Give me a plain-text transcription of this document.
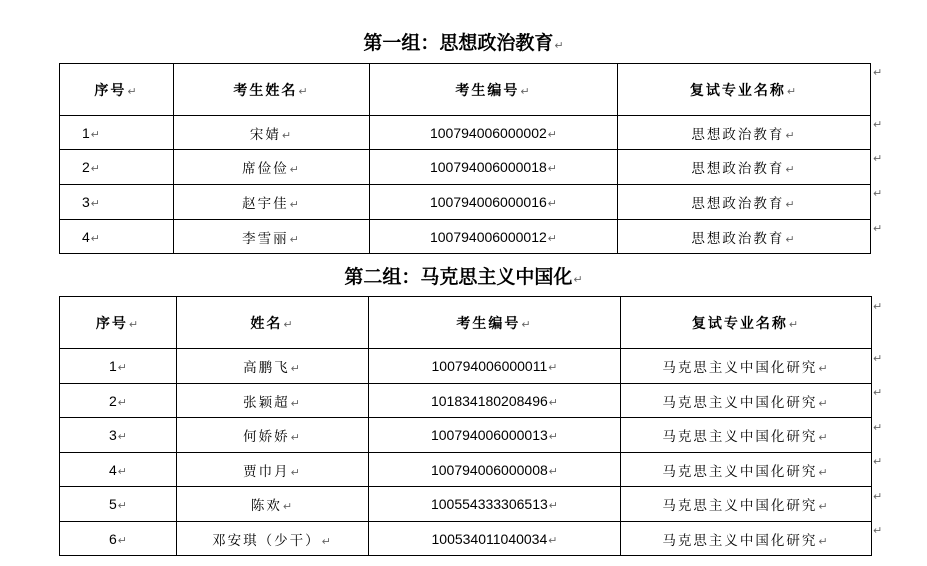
第一组：思想政治教育↵
序号↵	考生姓名↵	考生编号↵	复试专业名称↵
1↵	宋婧↵	100794006000002↵	思想政治教育↵
2↵	席俭俭↵	100794006000018↵	思想政治教育↵
3↵	赵宇佳↵	100794006000016↵	思想政治教育↵
4↵	李雪丽↵	100794006000012↵	思想政治教育↵
第二组：马克思主义中国化↵
序号↵	姓名↵	考生编号↵	复试专业名称↵
1↵	高鹏飞↵	100794006000011↵	马克思主义中国化研究↵
2↵	张颖超↵	101834180208496↵	马克思主义中国化研究↵
3↵	何娇娇↵	100794006000013↵	马克思主义中国化研究↵
4↵	贾巾月↵	100794006000008↵	马克思主义中国化研究↵
5↵	陈欢↵	100554333306513↵	马克思主义中国化研究↵
6↵	邓安琪（少干）↵	100534011040034↵	马克思主义中国化研究↵
↵
↵
↵
↵
↵
↵
↵
↵
↵
↵
↵
↵
